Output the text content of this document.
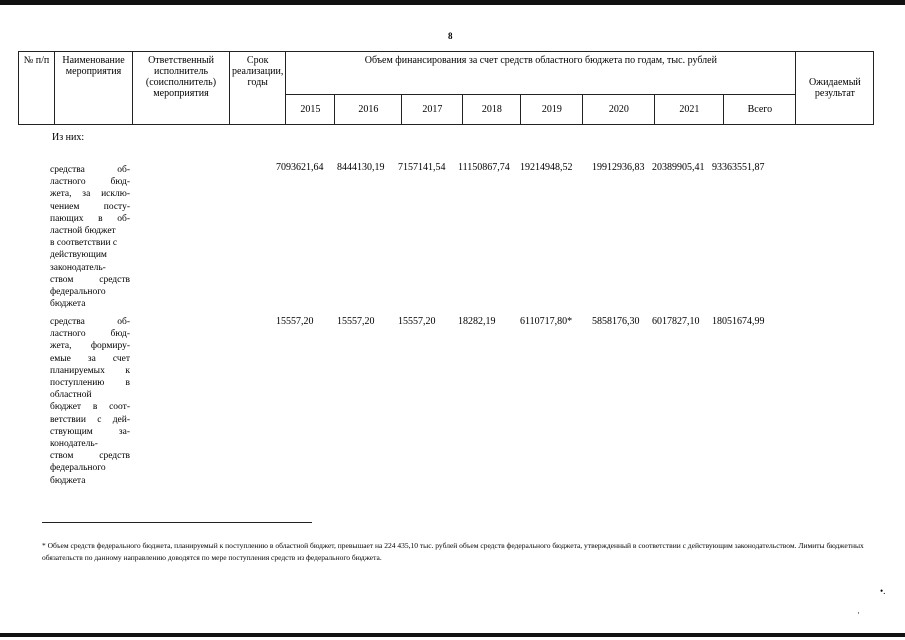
8
№ п/п	Наименование мероприятия	Ответственный исполнитель (соисполнитель) мероприятия	Срок реализации, годы	Объем финансирования за счет средств областного бюджета по годам, тыс. рублей								Ожидаемый результат
				2015	2016	2017	2018	2019	2020	2021	Всего	
Из них:
средства об-
ластного бюд-
жета, за исклю-
чением посту-
пающих в об-
ластной бюджет
в соответствии с
действующим
законодатель-
ством средств
федерального
бюджета
7093621,64 8444130,19 7157141,54 11150867,74 19214948,52 19912936,83 20389905,41 93363551,87
средства об-
ластного бюд-
жета, формиру-
емые за счет
планируемых к
поступлению в
областной
бюджет в соот-
ветствии с дей-
ствующим за-
конодатель-
ством средств
федерального
бюджета
15557,20 15557,20 15557,20 18282,19 6110717,80* 5858176,30 6017827,10 18051674,99
* Объем средств федерального бюджета, планируемый к поступлению в областной бюджет, превышает на 224 435,10 тыс. рублей объем средств федерального бюджета, утвержденный в соответствии с действующим законодательством. Лимиты бюджетных обязательств по данному направлению доводятся по мере поступления средств из федерального бюджета.
•.
·
